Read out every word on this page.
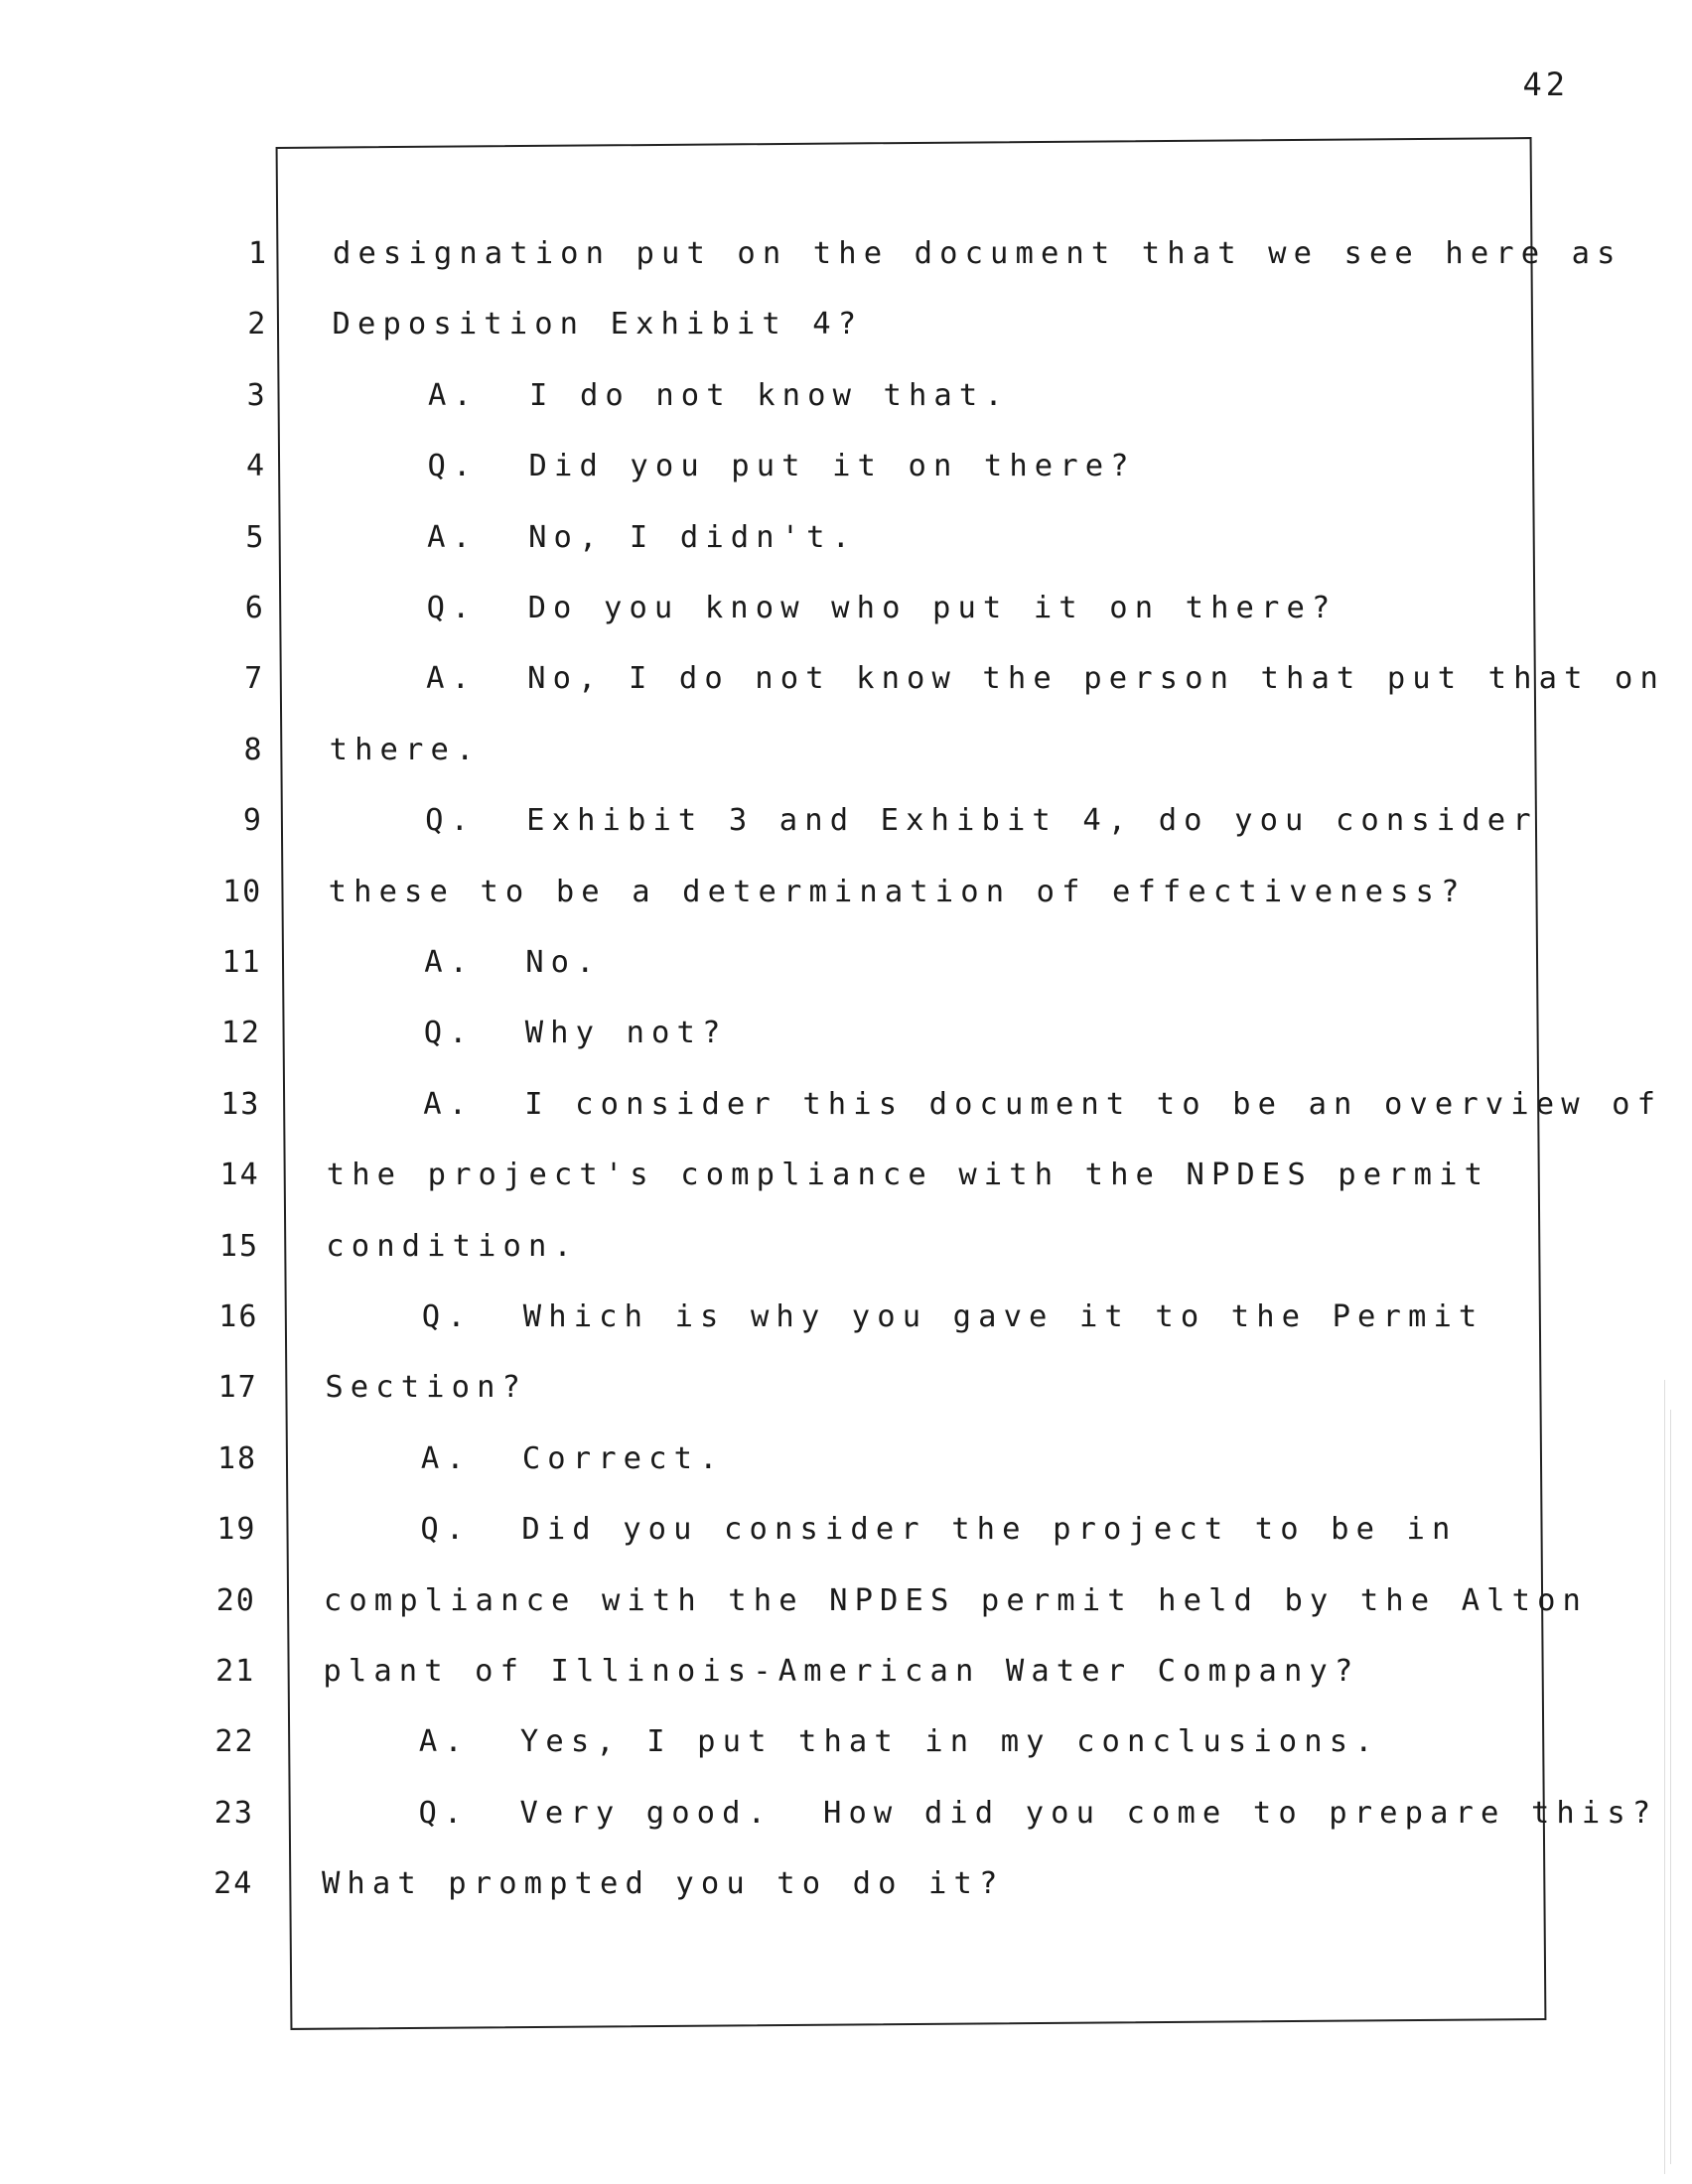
42
1 designation put on the document that we see here as
2 Deposition Exhibit 4?
3	A. I do not know that.
4	Q. Did you put it on there?
5	A. No, I didn't.
6	Q. Do you know who put it on there?
7	A. No, I do not know the person that put that on
8 there.
9	Q. Exhibit 3 and Exhibit 4, do you consider
10 these to be a determination of effectiveness?
11	A. No.
12	Q. Why not?
13	A. I consider this document to be an overview of
14 the project's compliance with the NPDES permit
15 condition.
16	Q. Which is why you gave it to the Permit
17 Section?
18	A. Correct.
19	Q. Did you consider the project to be in
20 compliance with the NPDES permit held by the Alton
21 plant of Illinois-American Water Company?
22	A. Yes, I put that in my conclusions.
23	Q. Very good.  How did you come to prepare this?
24 What prompted you to do it?
